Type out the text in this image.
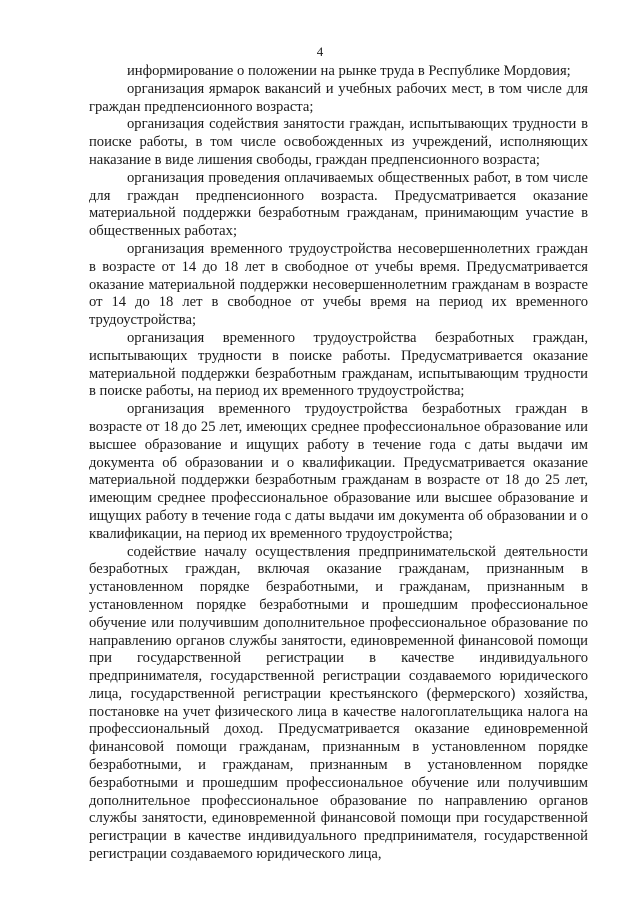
4

информирование о положении на рынке труда в Республике Мордовия;

организация ярмарок вакансий и учебных рабочих мест, в том числе для граждан предпенсионного возраста;

организация содействия занятости граждан, испытывающих трудности в поиске работы, в том числе освобожденных из учреждений, исполняющих наказание в виде лишения свободы, граждан предпенсионного возраста;

организация проведения оплачиваемых общественных работ, в том числе для граждан предпенсионного возраста. Предусматривается оказание материальной поддержки безработным гражданам, принимающим участие в общественных работах;

организация временного трудоустройства несовершеннолетних граждан в возрасте от 14 до 18 лет в свободное от учебы время. Предусматривается оказание материальной поддержки несовершеннолетним гражданам в возрасте от 14 до 18 лет в свободное от учебы время на период их временного трудоустройства;

организация временного трудоустройства безработных граждан, испытывающих трудности в поиске работы. Предусматривается оказание материальной поддержки безработным гражданам, испытывающим трудности в поиске работы, на период их временного трудоустройства;

организация временного трудоустройства безработных граждан в возрасте от 18 до 25 лет, имеющих среднее профессиональное образование или высшее образование и ищущих работу в течение года с даты выдачи им документа об образовании и о квалификации. Предусматривается оказание материальной поддержки безработным гражданам в возрасте от 18 до 25 лет, имеющим среднее профессиональное образование или высшее образование и ищущих работу в течение года с даты выдачи им документа об образовании и о квалификации, на период их временного трудоустройства;

содействие началу осуществления предпринимательской деятельности безработных граждан, включая оказание гражданам, признанным в установленном порядке безработными, и гражданам, признанным в установленном порядке безработными и прошедшим профессиональное обучение или получившим дополнительное профессиональное образование по направлению органов службы занятости, единовременной финансовой помощи при государственной регистрации в качестве индивидуального предпринимателя, государственной регистрации создаваемого юридического лица, государственной регистрации крестьянского (фермерского) хозяйства, постановке на учет физического лица в качестве налогоплательщика налога на профессиональный доход. Предусматривается оказание единовременной финансовой помощи гражданам, признанным в установленном порядке безработными, и гражданам, признанным в установленном порядке безработными и прошедшим профессиональное обучение или получившим дополнительное профессиональное образование по направлению органов службы занятости, единовременной финансовой помощи при государственной регистрации в качестве индивидуального предпринимателя, государственной регистрации создаваемого юридического лица,
